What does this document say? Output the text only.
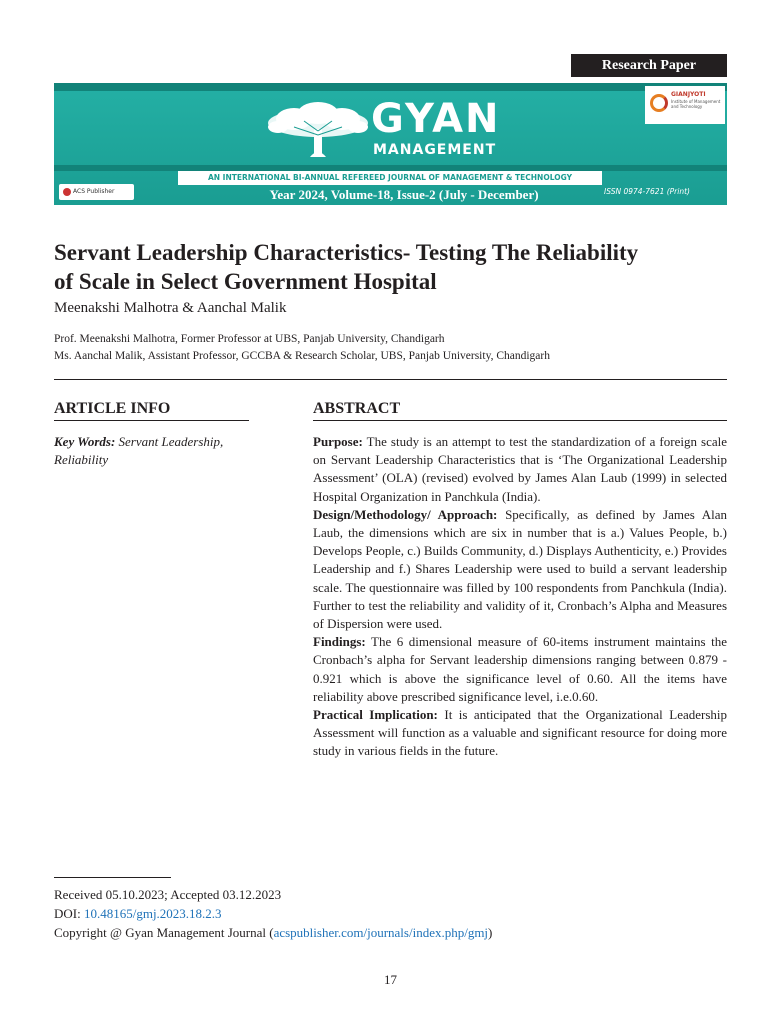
Research Paper
GYAN
MANAGEMENT
GIANJYOTI
Institute of Management and Technology
AN INTERNATIONAL BI-ANNUAL REFEREED JOURNAL OF MANAGEMENT & TECHNOLOGY
ACS Publisher	Year 2024, Volume-18, Issue-2 (July - December)	ISSN 0974-7621 (Print)
Servant Leadership Characteristics- Testing The Reliability
of Scale in Select Government Hospital
Meenakshi Malhotra & Aanchal Malik
Prof. Meenakshi Malhotra, Former Professor at UBS, Panjab University, Chandigarh
Ms. Aanchal Malik, Assistant Professor, GCCBA & Research Scholar, UBS, Panjab University, Chandigarh
ARTICLE INFO
Key Words: Servant Leadership, Reliability
ABSTRACT

Purpose: The study is an attempt to test the standardization of a foreign scale on Servant Leadership Characteristics that is ‘The Organizational Leadership Assessment’ (OLA) (revised) evolved by James Alan Laub (1999) in selected Hospital Organization in Panchkula (India).

Design/Methodology/ Approach: Specifically, as defined by James Alan Laub, the dimensions which are six in number that is a.) Values People, b.) Develops People, c.) Builds Community, d.) Displays Authenticity, e.) Provides Leadership and f.) Shares Leadership were used to build a servant leadership scale. The questionnaire was filled by 100 respondents from Panchkula (India). Further to test the reliability and validity of it, Cronbach’s Alpha and Measures of Dispersion were used.

Findings: The 6 dimensional measure of 60-items instrument maintains the Cronbach’s alpha for Servant leadership dimensions ranging between 0.879 - 0.921 which is above the significance level of 0.60. All the items have reliability above prescribed significance level, i.e.0.60.

Practical Implication: It is anticipated that the Organizational Leadership Assessment will function as a valuable and significant resource for doing more study in various fields in the future.

Received 05.10.2023; Accepted 03.12.2023
DOI: 10.48165/gmj.2023.18.2.3
Copyright @ Gyan Management Journal (acspublisher.com/journals/index.php/gmj)
17
